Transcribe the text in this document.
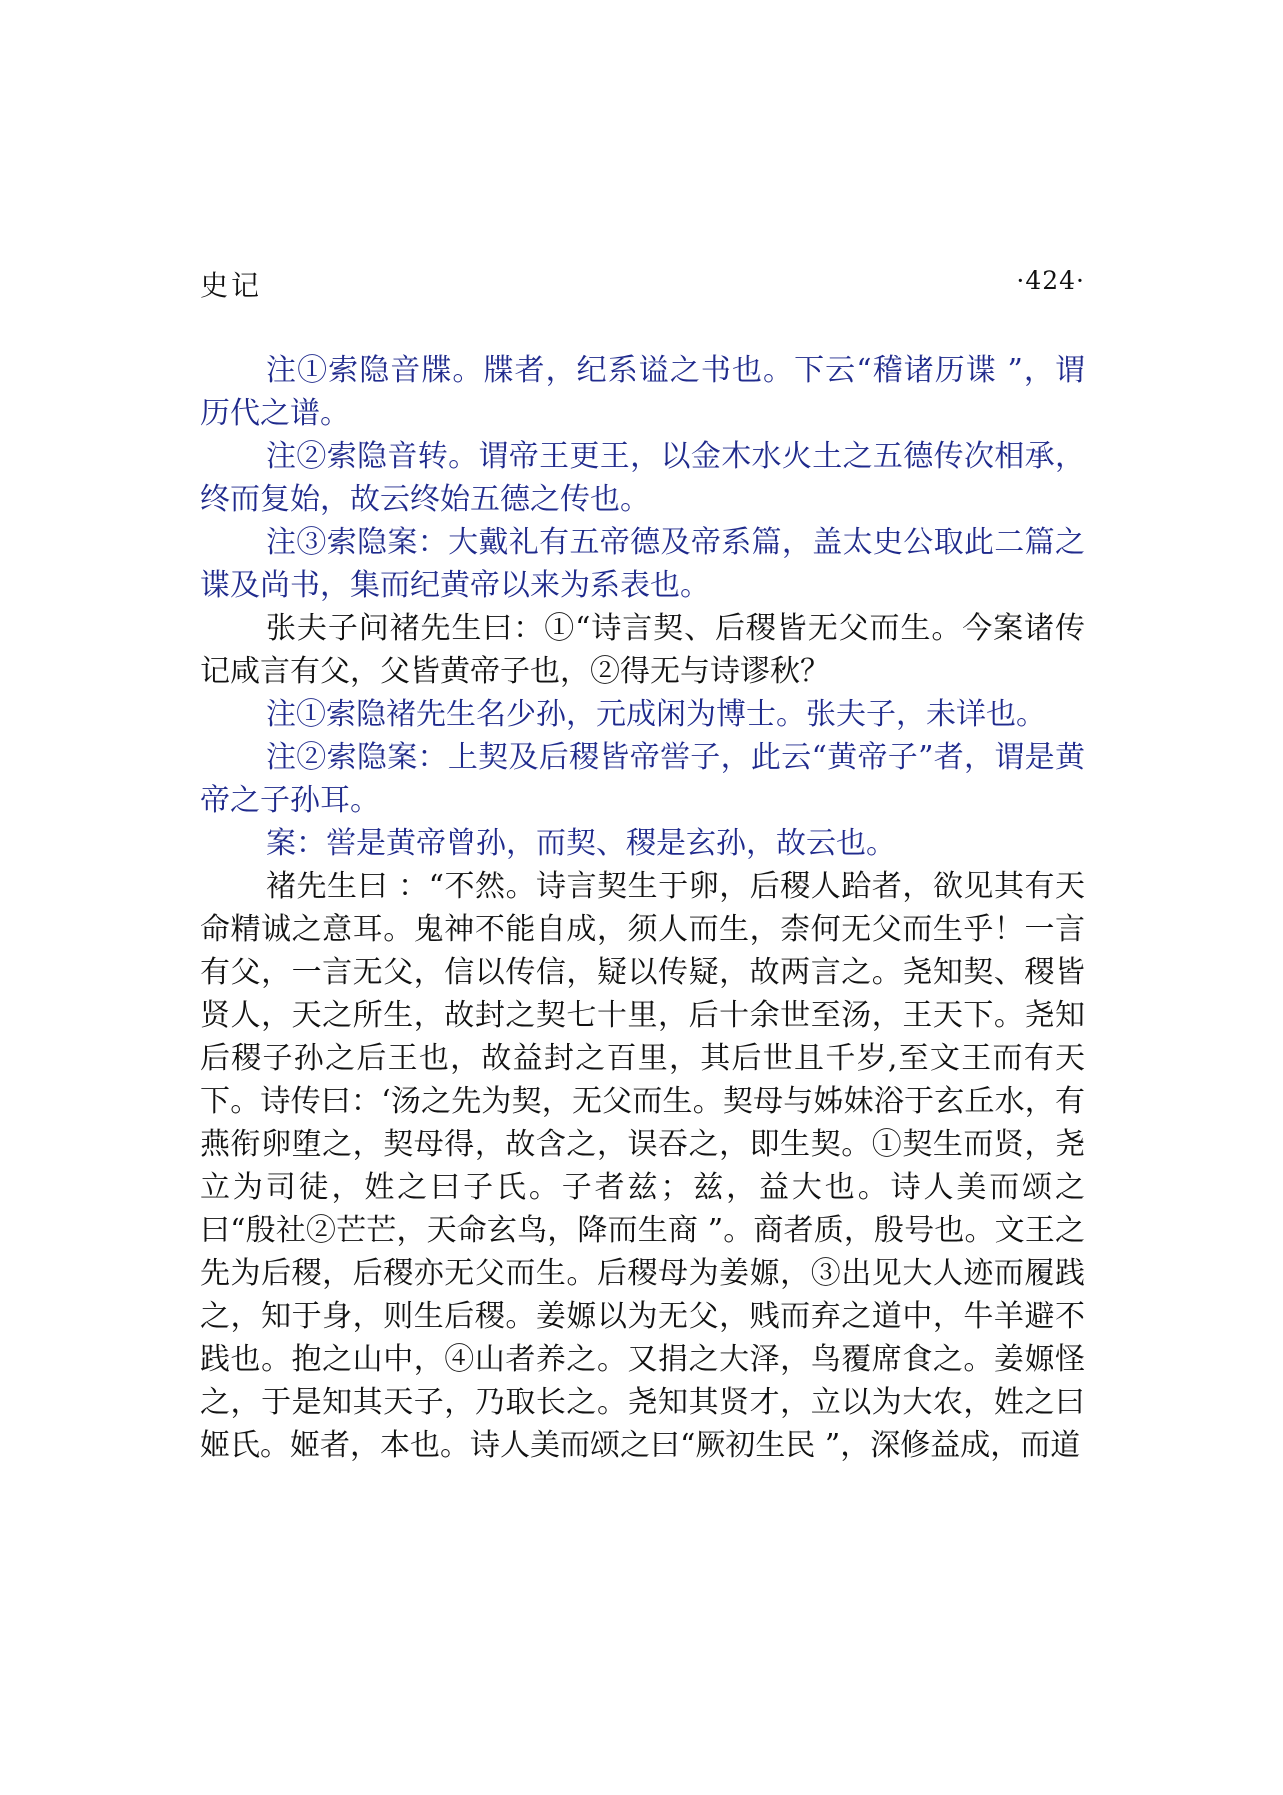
史记	·424·

注①索隐音牒。牒者，纪系谥之书也。下云“稽诸历谍 ”，谓历代之谱。

注②索隐音转。谓帝王更王，以金木水火土之五德传次相承，终而复始，故云终始五德之传也。

注③索隐案：大戴礼有五帝德及帝系篇，盖太史公取此二篇之谍及尚书，集而纪黄帝以来为系表也。

张夫子问褚先生曰：①“诗言契、后稷皆无父而生。今案诸传记咸言有父，父皆黄帝子也，②得无与诗谬秋？

注①索隐褚先生名少孙，元成闲为博士。张夫子，未详也。

注②索隐案：上契及后稷皆帝喾子，此云“黄帝子”者，谓是黄帝之子孙耳。

案：喾是黄帝曾孙，而契、稷是玄孙，故云也。

褚先生曰 ：“不然。诗言契生于卵，后稷人跲者，欲见其有天命精诚之意耳。鬼神不能自成，须人而生，柰何无父而生乎！一言有父，一言无父，信以传信，疑以传疑，故两言之。尧知契、稷皆贤人，天之所生，故封之契七十里，后十余世至汤，王天下。尧知后稷子孙之后王也，故益封之百里，其后世且千岁,至文王而有天下。诗传曰：‘汤之先为契，无父而生。契母与姊妹浴于玄丘水，有燕衔卵堕之，契母得，故含之，误吞之，即生契。①契生而贤，尧立为司徒，姓之曰子氏。子者兹；兹，益大也。诗人美而颂之曰“殷社②芒芒，天命玄鸟，降而生商 ”。商者质，殷号也。文王之先为后稷，后稷亦无父而生。后稷母为姜嫄，③出见大人迹而履践之，知于身，则生后稷。姜嫄以为无父，贱而弃之道中，牛羊避不践也。抱之山中，④山者养之。又捐之大泽，鸟覆席食之。姜嫄怪之，于是知其天子，乃取长之。尧知其贤才，立以为大农，姓之曰姬氏。姬者，本也。诗人美而颂之曰“厥初生民 ”，深修益成，而道
